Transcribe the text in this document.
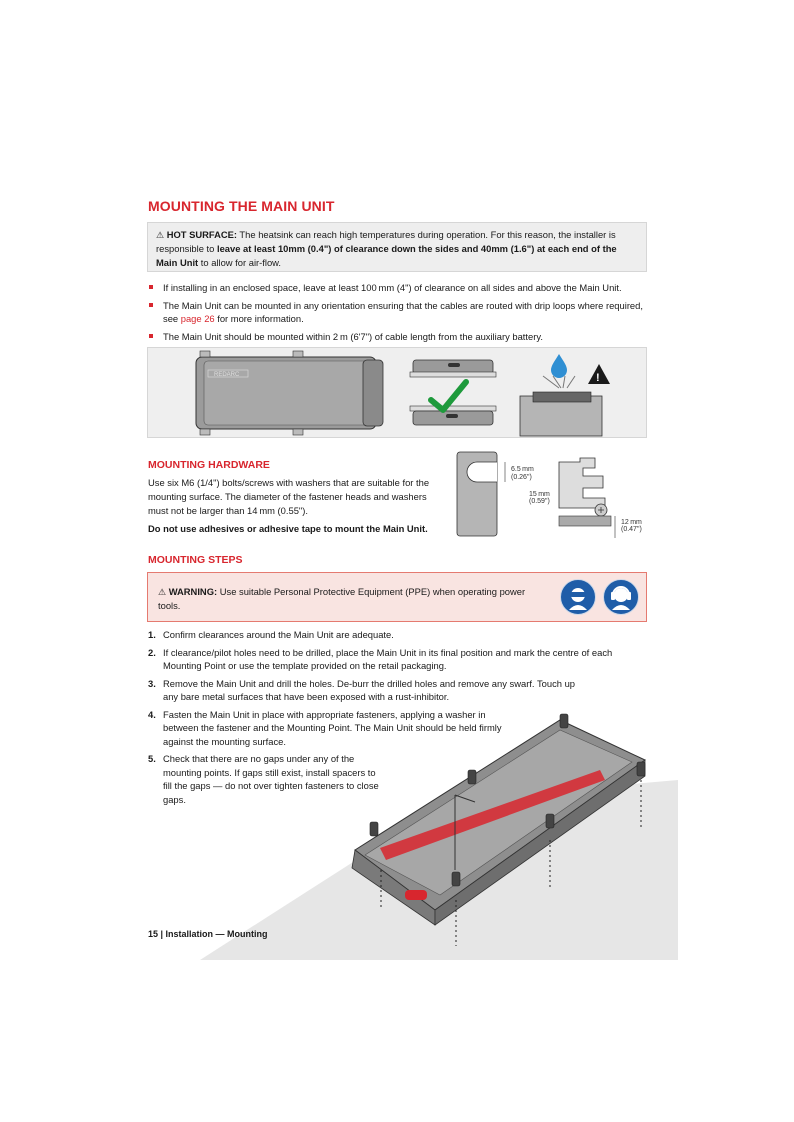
MOUNTING THE MAIN UNIT
⚠ HOT SURFACE: The heatsink can reach high temperatures during operation. For this reason, the installer is responsible to leave at least 10mm (0.4") of clearance down the sides and 40mm (1.6") at each end of the Main Unit to allow for air-flow.
If installing in an enclosed space, leave at least 100 mm (4") of clearance on all sides and above the Main Unit.
The Main Unit can be mounted in any orientation ensuring that the cables are routed with drip loops where required, see page 26 for more information.
The Main Unit should be mounted within 2 m (6'7") of cable length from the auxiliary battery.
REDARC	!
MOUNTING HARDWARE
Use six M6 (1/4") bolts/screws with washers that are suitable for the mounting surface. The diameter of the fastener heads and washers must not be larger than 14 mm (0.55").
Do not use adhesives or adhesive tape to mount the Main Unit.
6.5 mm
(0.26")
15 mm
(0.59")
12 mm
(0.47")
MOUNTING STEPS
⚠ WARNING: Use suitable Personal Protective Equipment (PPE) when operating power tools.
1. Confirm clearances around the Main Unit are adequate.
2. If clearance/pilot holes need to be drilled, place the Main Unit in its final position and mark the centre of each Mounting Point or use the template provided on the retail packaging.
3. Remove the Main Unit and drill the holes. De-burr the drilled holes and remove any swarf. Touch up any bare metal surfaces that have been exposed with a rust-inhibitor.
4. Fasten the Main Unit in place with appropriate fasteners, applying a washer in between the fastener and the Mounting Point. The Main Unit should be held firmly against the mounting surface.
5. Check that there are no gaps under any of the mounting points. If gaps still exist, install spacers to fill the gaps — do not over tighten fasteners to close gaps.
15 | Installation — Mounting
